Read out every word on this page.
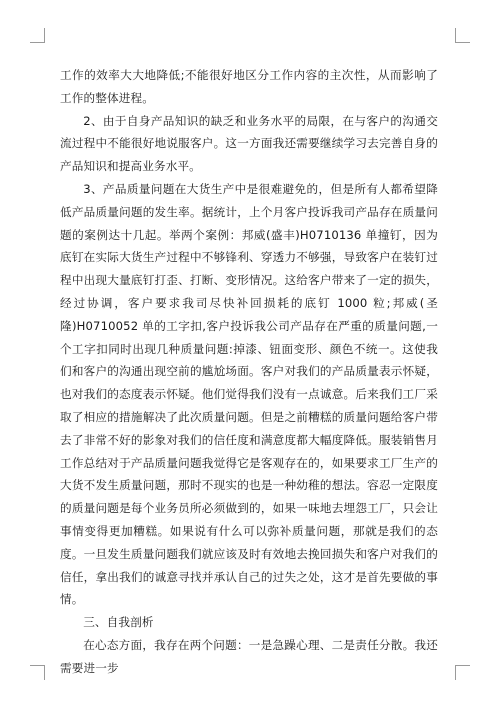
工作的效率大大地降低;不能很好地区分工作内容的主次性，从而影响了工作的整体进程。

2、由于自身产品知识的缺乏和业务水平的局限，在与客户的沟通交流过程中不能很好地说服客户。这一方面我还需要继续学习去完善自身的产品知识和提高业务水平。

3、产品质量问题在大货生产中是很难避免的，但是所有人都希望降低产品质量问题的发生率。据统计，上个月客户投诉我司产品存在质量问题的案例达十几起。举两个案例：邦威(盛丰)H0710136 单撞钉，因为底钉在实际大货生产过程中不够锋利、穿透力不够强，导致客户在装钉过程中出现大量底钉打歪、打断、变形情况。这给客户带来了一定的损失，经过协调，客户要求我司尽快补回损耗的底钉 1000 粒;邦威(圣隆)H0710052 单的工字扣,客户投诉我公司产品存在严重的质量问题,一个工字扣同时出现几种质量问题:掉漆、钮面变形、颜色不统一。这使我们和客户的沟通出现空前的尴尬场面。客户对我们的产品质量表示怀疑，也对我们的态度表示怀疑。他们觉得我们没有一点诚意。后来我们工厂采取了相应的措施解决了此次质量问题。但是之前糟糕的质量问题给客户带去了非常不好的影象对我们的信任度和满意度都大幅度降低。服装销售月工作总结对于产品质量问题我觉得它是客观存在的，如果要求工厂生产的大货不发生质量问题，那时不现实的也是一种幼稚的想法。容忍一定限度的质量问题是每个业务员所必须做到的，如果一味地去埋怨工厂，只会让事情变得更加糟糕。如果说有什么可以弥补质量问题，那就是我们的态度。一旦发生质量问题我们就应该及时有效地去挽回损失和客户对我们的信任，拿出我们的诚意寻找并承认自己的过失之处，这才是首先要做的事情。

三、自我剖析

在心态方面，我存在两个问题：一是急躁心理、二是责任分散。我还需要进一步
